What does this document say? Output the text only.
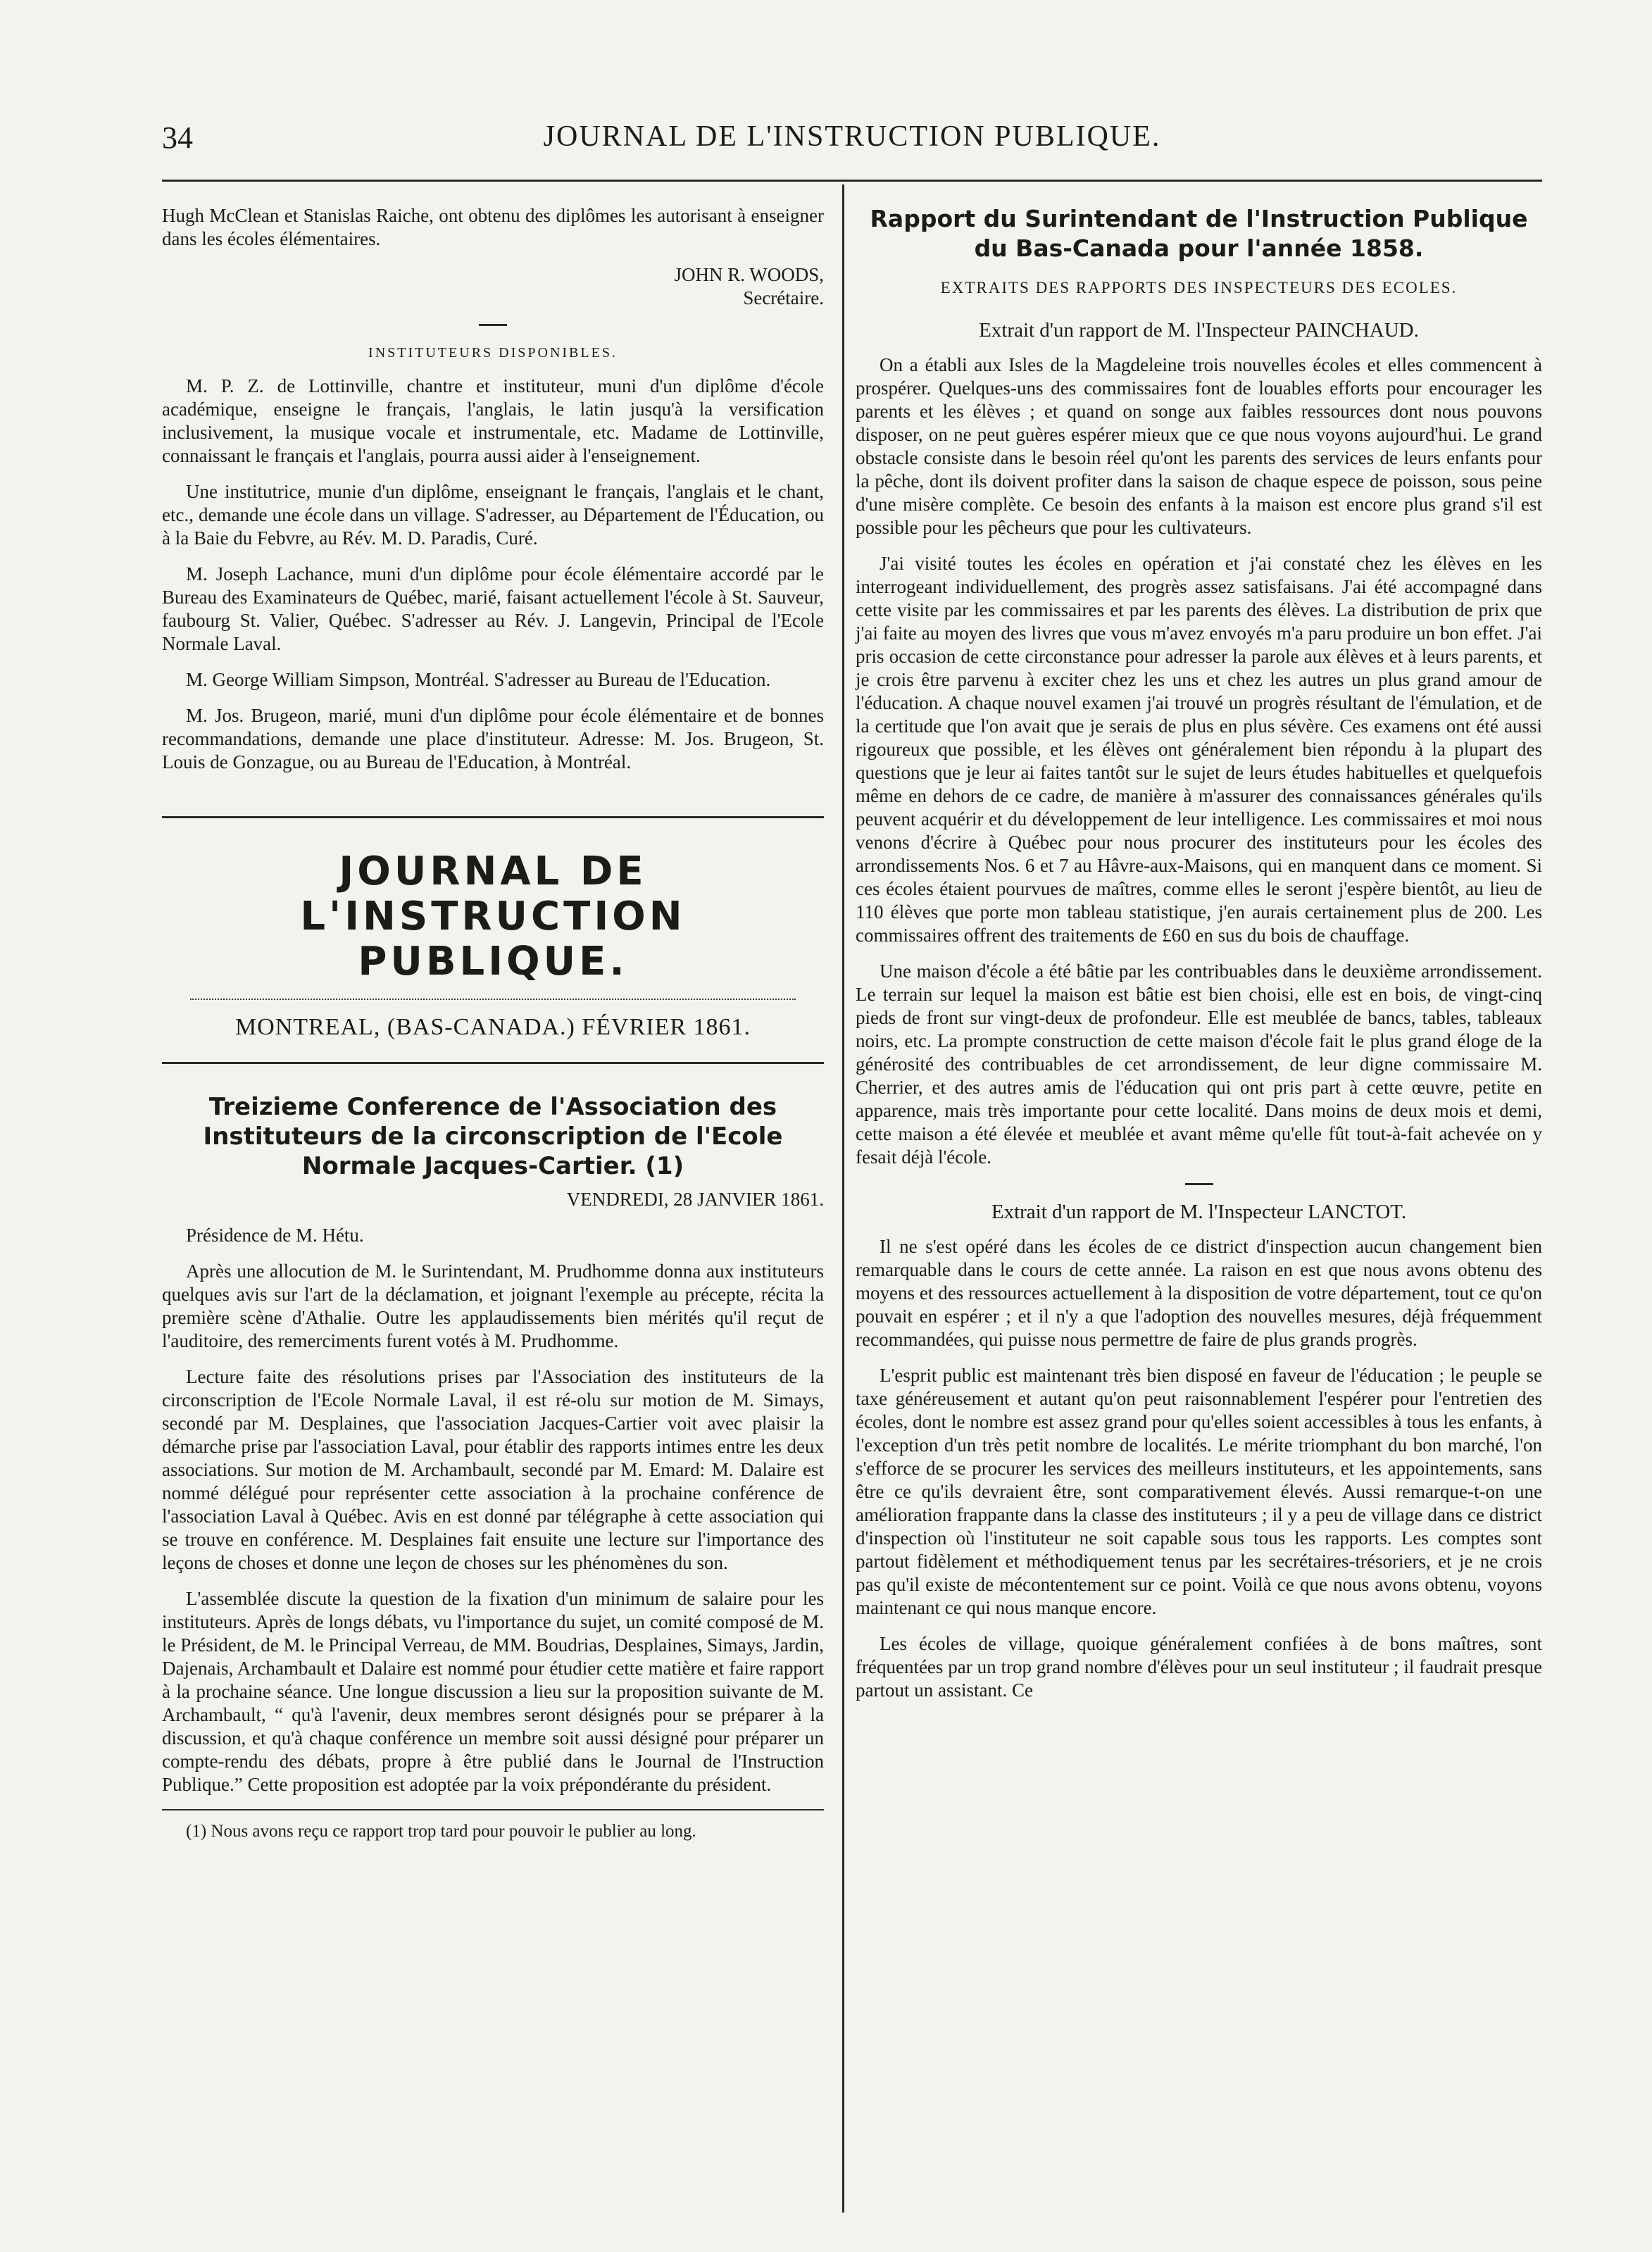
34	JOURNAL DE L'INSTRUCTION PUBLIQUE.

Hugh McClean et Stanislas Raiche, ont obtenu des diplômes les autorisant à enseigner dans les écoles élémentaires.

JOHN R. WOODS,

Secrétaire.

INSTITUTEURS DISPONIBLES.

M. P. Z. de Lottinville, chantre et instituteur, muni d'un diplôme d'école académique, enseigne le français, l'anglais, le latin jusqu'à la versification inclusivement, la musique vocale et instrumentale, etc. Madame de Lottinville, connaissant le français et l'anglais, pourra aussi aider à l'enseignement.

Une institutrice, munie d'un diplôme, enseignant le français, l'anglais et le chant, etc., demande une école dans un village. S'adresser, au Département de l'Éducation, ou à la Baie du Febvre, au Rév. M. D. Paradis, Curé.

M. Joseph Lachance, muni d'un diplôme pour école élémentaire accordé par le Bureau des Examinateurs de Québec, marié, faisant actuellement l'école à St. Sauveur, faubourg St. Valier, Québec. S'adresser au Rév. J. Langevin, Principal de l'Ecole Normale Laval.

M. George William Simpson, Montréal. S'adresser au Bureau de l'Education.

M. Jos. Brugeon, marié, muni d'un diplôme pour école élémentaire et de bonnes recommandations, demande une place d'instituteur. Adresse: M. Jos. Brugeon, St. Louis de Gonzague, ou au Bureau de l'Education, à Montréal.

JOURNAL DE L'INSTRUCTION PUBLIQUE.
MONTREAL, (BAS-CANADA.) FÉVRIER 1861.
Treizieme Conference de l'Association des Instituteurs de la circonscription de l'Ecole Normale Jacques-Cartier. (1)

VENDREDI, 28 JANVIER 1861.

Présidence de M. Hétu.

Après une allocution de M. le Surintendant, M. Prudhomme donna aux instituteurs quelques avis sur l'art de la déclamation, et joignant l'exemple au précepte, récita la première scène d'Athalie. Outre les applaudissements bien mérités qu'il reçut de l'auditoire, des remerciments furent votés à M. Prudhomme.

Lecture faite des résolutions prises par l'Association des instituteurs de la circonscription de l'Ecole Normale Laval, il est ré-olu sur motion de M. Simays, secondé par M. Desplaines, que l'association Jacques-Cartier voit avec plaisir la démarche prise par l'association Laval, pour établir des rapports intimes entre les deux associations. Sur motion de M. Archambault, secondé par M. Emard: M. Dalaire est nommé délégué pour représenter cette association à la prochaine conférence de l'association Laval à Québec. Avis en est donné par télégraphe à cette association qui se trouve en conférence. M. Desplaines fait ensuite une lecture sur l'importance des leçons de choses et donne une leçon de choses sur les phénomènes du son.

L'assemblée discute la question de la fixation d'un minimum de salaire pour les instituteurs. Après de longs débats, vu l'importance du sujet, un comité composé de M. le Président, de M. le Principal Verreau, de MM. Boudrias, Desplaines, Simays, Jardin, Dajenais, Archambault et Dalaire est nommé pour étudier cette matière et faire rapport à la prochaine séance. Une longue discussion a lieu sur la proposition suivante de M. Archambault, “ qu'à l'avenir, deux membres seront désignés pour se préparer à la discussion, et qu'à chaque conférence un membre soit aussi désigné pour préparer un compte-rendu des débats, propre à être publié dans le Journal de l'Instruction Publique.” Cette proposition est adoptée par la voix prépondérante du président.

(1) Nous avons reçu ce rapport trop tard pour pouvoir le publier au long.

Rapport du Surintendant de l'Instruction Publique du Bas-Canada pour l'année 1858.

EXTRAITS DES RAPPORTS DES INSPECTEURS DES ECOLES.

Extrait d'un rapport de M. l'Inspecteur PAINCHAUD.

On a établi aux Isles de la Magdeleine trois nouvelles écoles et elles commencent à prospérer. Quelques-uns des commissaires font de louables efforts pour encourager les parents et les élèves ; et quand on songe aux faibles ressources dont nous pouvons disposer, on ne peut guères espérer mieux que ce que nous voyons aujourd'hui. Le grand obstacle consiste dans le besoin réel qu'ont les parents des services de leurs enfants pour la pêche, dont ils doivent profiter dans la saison de chaque espece de poisson, sous peine d'une misère complète. Ce besoin des enfants à la maison est encore plus grand s'il est possible pour les pêcheurs que pour les cultivateurs.

J'ai visité toutes les écoles en opération et j'ai constaté chez les élèves en les interrogeant individuellement, des progrès assez satisfaisans. J'ai été accompagné dans cette visite par les commissaires et par les parents des élèves. La distribution de prix que j'ai faite au moyen des livres que vous m'avez envoyés m'a paru produire un bon effet. J'ai pris occasion de cette circonstance pour adresser la parole aux élèves et à leurs parents, et je crois être parvenu à exciter chez les uns et chez les autres un plus grand amour de l'éducation. A chaque nouvel examen j'ai trouvé un progrès résultant de l'émulation, et de la certitude que l'on avait que je serais de plus en plus sévère. Ces examens ont été aussi rigoureux que possible, et les élèves ont généralement bien répondu à la plupart des questions que je leur ai faites tantôt sur le sujet de leurs études habituelles et quelquefois même en dehors de ce cadre, de manière à m'assurer des connaissances générales qu'ils peuvent acquérir et du développement de leur intelligence. Les commissaires et moi nous venons d'écrire à Québec pour nous procurer des instituteurs pour les écoles des arrondissements Nos. 6 et 7 au Hâvre-aux-Maisons, qui en manquent dans ce moment. Si ces écoles étaient pourvues de maîtres, comme elles le seront j'espère bientôt, au lieu de 110 élèves que porte mon tableau statistique, j'en aurais certainement plus de 200. Les commissaires offrent des traitements de £60 en sus du bois de chauffage.

Une maison d'école a été bâtie par les contribuables dans le deuxième arrondissement. Le terrain sur lequel la maison est bâtie est bien choisi, elle est en bois, de vingt-cinq pieds de front sur vingt-deux de profondeur. Elle est meublée de bancs, tables, tableaux noirs, etc. La prompte construction de cette maison d'école fait le plus grand éloge de la générosité des contribuables de cet arrondissement, de leur digne commissaire M. Cherrier, et des autres amis de l'éducation qui ont pris part à cette œuvre, petite en apparence, mais très importante pour cette localité. Dans moins de deux mois et demi, cette maison a été élevée et meublée et avant même qu'elle fût tout-à-fait achevée on y fesait déjà l'école.

Extrait d'un rapport de M. l'Inspecteur LANCTOT.

Il ne s'est opéré dans les écoles de ce district d'inspection aucun changement bien remarquable dans le cours de cette année. La raison en est que nous avons obtenu des moyens et des ressources actuellement à la disposition de votre département, tout ce qu'on pouvait en espérer ; et il n'y a que l'adoption des nouvelles mesures, déjà fréquemment recommandées, qui puisse nous permettre de faire de plus grands progrès.

L'esprit public est maintenant très bien disposé en faveur de l'éducation ; le peuple se taxe généreusement et autant qu'on peut raisonnablement l'espérer pour l'entretien des écoles, dont le nombre est assez grand pour qu'elles soient accessibles à tous les enfants, à l'exception d'un très petit nombre de localités. Le mérite triomphant du bon marché, l'on s'efforce de se procurer les services des meilleurs instituteurs, et les appointements, sans être ce qu'ils devraient être, sont comparativement élevés. Aussi remarque-t-on une amélioration frappante dans la classe des instituteurs ; il y a peu de village dans ce district d'inspection où l'instituteur ne soit capable sous tous les rapports. Les comptes sont partout fidèlement et méthodiquement tenus par les secrétaires-trésoriers, et je ne crois pas qu'il existe de mécontentement sur ce point. Voilà ce que nous avons obtenu, voyons maintenant ce qui nous manque encore.

Les écoles de village, quoique généralement confiées à de bons maîtres, sont fréquentées par un trop grand nombre d'élèves pour un seul instituteur ; il faudrait presque partout un assistant. Ce
